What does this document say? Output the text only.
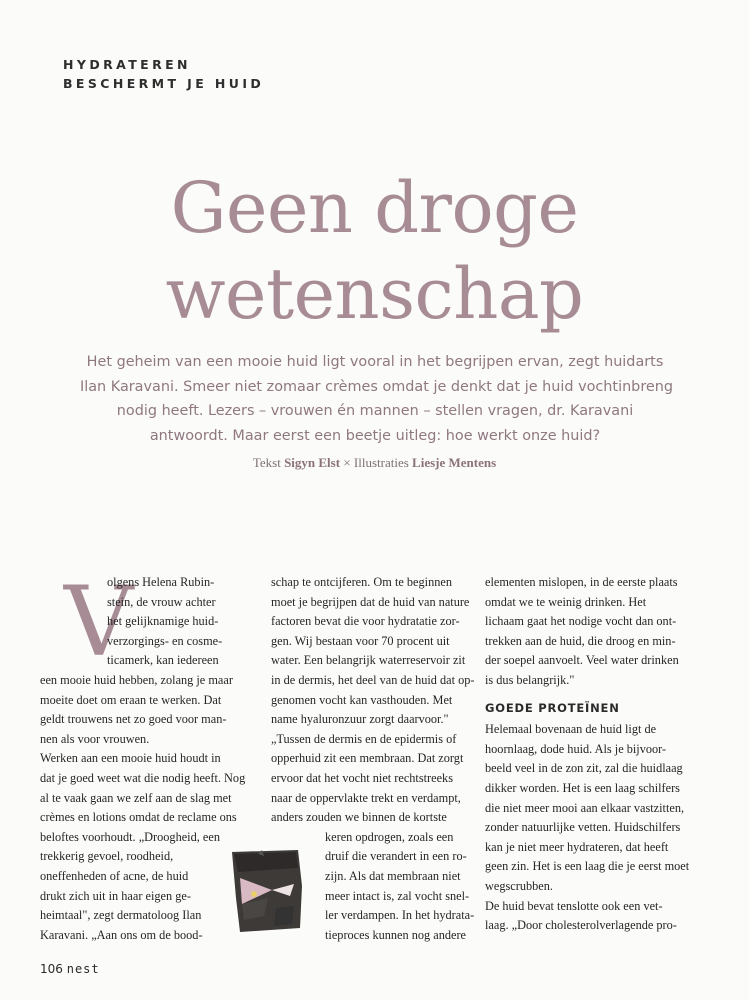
HYDRATEREN
BESCHERMT JE HUID
Geen droge
wetenschap
Het geheim van een mooie huid ligt vooral in het begrijpen ervan, zegt huidarts
Ilan Karavani. Smeer niet zomaar crèmes omdat je denkt dat je huid vochtinbreng
nodig heeft. Lezers – vrouwen én mannen – stellen vragen, dr. Karavani
antwoordt. Maar eerst een beetje uitleg: hoe werkt onze huid?
Tekst Sigyn Elst × Illustraties Liesje Mentens
V
olgens Helena Rubin-
stein, de vrouw achter
het gelijknamige huid-
verzorgings- en cosme-
ticamerk, kan iedereen
een mooie huid hebben, zolang je maar
moeite doet om eraan te werken. Dat
geldt trouwens net zo goed voor man-
nen als voor vrouwen.
Werken aan een mooie huid houdt in
dat je goed weet wat die nodig heeft. Nog
al te vaak gaan we zelf aan de slag met
crèmes en lotions omdat de reclame ons
beloftes voorhoudt. „Droogheid, een
trekkerig gevoel, roodheid,
oneffenheden of acne, de huid
drukt zich uit in haar eigen ge-
heimtaal", zegt dermatoloog Ilan
Karavani. „Aan ons om de bood-
schap te ontcijferen. Om te beginnen
moet je begrijpen dat de huid van nature
factoren bevat die voor hydratatie zor-
gen. Wij bestaan voor 70 procent uit
water. Een belangrijk waterreservoir zit
in de dermis, het deel van de huid dat op-
genomen vocht kan vasthouden. Met
name hyaluronzuur zorgt daarvoor."
„Tussen de dermis en de epidermis of
opperhuid zit een membraan. Dat zorgt
ervoor dat het vocht niet rechtstreeks
naar de oppervlakte trekt en verdampt,
anders zouden we binnen de kortste
keren opdrogen, zoals een
druif die verandert in een ro-
zijn. Als dat membraan niet
meer intact is, zal vocht snel-
ler verdampen. In het hydrata-
tieproces kunnen nog andere
elementen mislopen, in de eerste plaats
omdat we te weinig drinken. Het
lichaam gaat het nodige vocht dan ont-
trekken aan de huid, die droog en min-
der soepel aanvoelt. Veel water drinken
is dus belangrijk."
GOEDE PROTEÏNEN
Helemaal bovenaan de huid ligt de
hoornlaag, dode huid. Als je bijvoor-
beeld veel in de zon zit, zal die huidlaag
dikker worden. Het is een laag schilfers
die niet meer mooi aan elkaar vastzitten,
zonder natuurlijke vetten. Huidschilfers
kan je niet meer hydrateren, dat heeft
geen zin. Het is een laag die je eerst moet
wegscrubben.
De huid bevat tenslotte ook een vet-
laag. „Door cholesterolverlagende pro-
106 nest
